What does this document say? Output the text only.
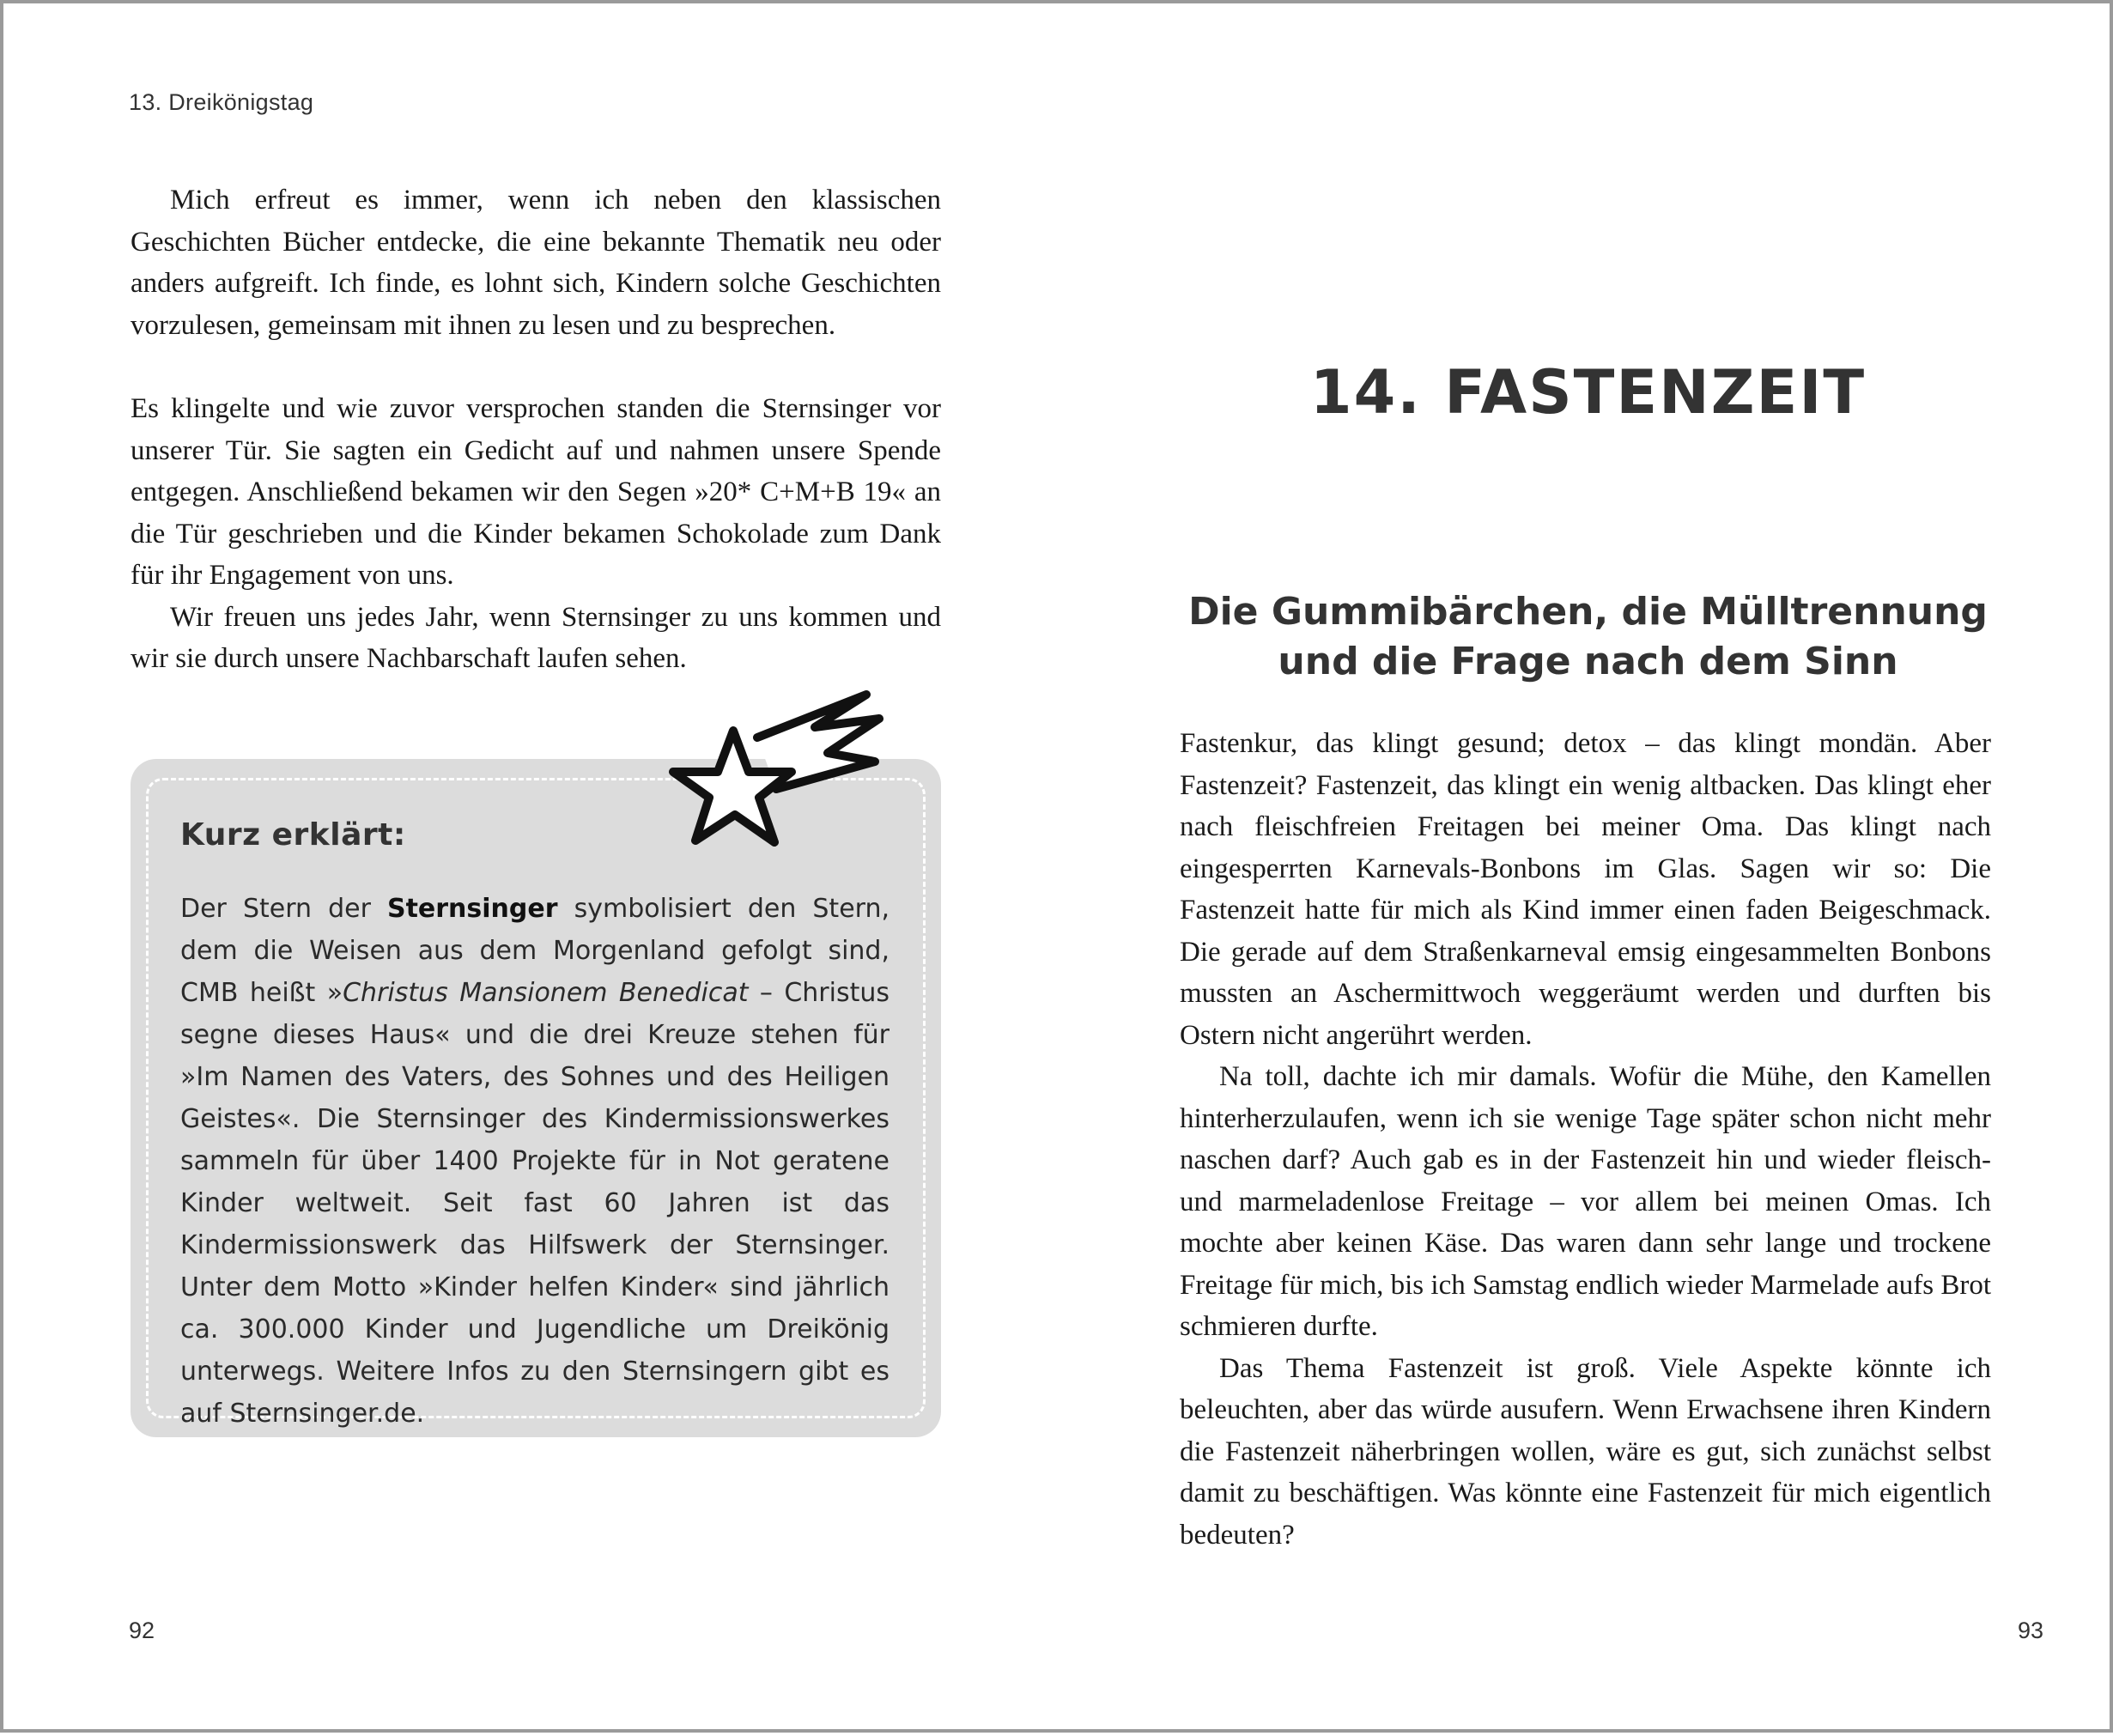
13. Dreikönigstag

Mich erfreut es immer, wenn ich neben den klassischen Geschichten Bücher entdecke, die eine bekannte Thematik neu oder anders aufgreift. Ich finde, es lohnt sich, Kindern solche Geschichten vorzulesen, gemeinsam mit ihnen zu lesen und zu besprechen.

Es klingelte und wie zuvor versprochen standen die Sternsinger vor unserer Tür. Sie sagten ein Gedicht auf und nahmen unsere Spende entgegen. Anschließend bekamen wir den Segen »20* C+M+B 19« an die Tür geschrieben und die Kinder bekamen Schokolade zum Dank für ihr Engagement von uns.

Wir freuen uns jedes Jahr, wenn Sternsinger zu uns kommen und wir sie durch unsere Nachbarschaft laufen sehen.

Kurz erklärt:
Der Stern der Sternsinger symbolisiert den Stern, dem die Weisen aus dem Morgenland gefolgt sind, CMB heißt »Christus Mansionem Benedicat – Christus segne dieses Haus« und die drei Kreuze stehen für »Im Namen des Vaters, des Sohnes und des Heiligen Geistes«. Die Sternsinger des Kindermissionswerkes sammeln für über 1400 Projekte für in Not geratene Kinder weltweit. Seit fast 60 Jahren ist das Kindermissionswerk das Hilfswerk der Sternsinger. Unter dem Motto »Kinder helfen Kinder« sind jährlich ca. 300.000 Kinder und Jugendliche um Dreikönig unterwegs. Weitere Infos zu den Sternsingern gibt es auf Sternsinger.de.
92
14. FASTENZEIT
Die Gummibärchen, die Mülltrennung
und die Frage nach dem Sinn

Fastenkur, das klingt gesund; detox – das klingt mondän. Aber Fastenzeit? Fastenzeit, das klingt ein wenig altbacken. Das klingt eher nach fleischfreien Freitagen bei meiner Oma. Das klingt nach eingesperrten Karnevals-Bonbons im Glas. Sagen wir so: Die Fastenzeit hatte für mich als Kind immer einen faden Beigeschmack. Die gerade auf dem Straßenkarneval emsig eingesammelten Bonbons mussten an Aschermittwoch weggeräumt werden und durften bis Ostern nicht angerührt werden.

Na toll, dachte ich mir damals. Wofür die Mühe, den Kamellen hinterherzulaufen, wenn ich sie wenige Tage später schon nicht mehr naschen darf? Auch gab es in der Fastenzeit hin und wieder fleisch- und marmeladenlose Freitage – vor allem bei meinen Omas. Ich mochte aber keinen Käse. Das waren dann sehr lange und trockene Freitage für mich, bis ich Samstag endlich wieder Marmelade aufs Brot schmieren durfte.

Das Thema Fastenzeit ist groß. Viele Aspekte könnte ich beleuchten, aber das würde ausufern. Wenn Erwachsene ihren Kindern die Fastenzeit näherbringen wollen, wäre es gut, sich zunächst selbst damit zu beschäftigen. Was könnte eine Fastenzeit für mich eigentlich bedeuten?

93
